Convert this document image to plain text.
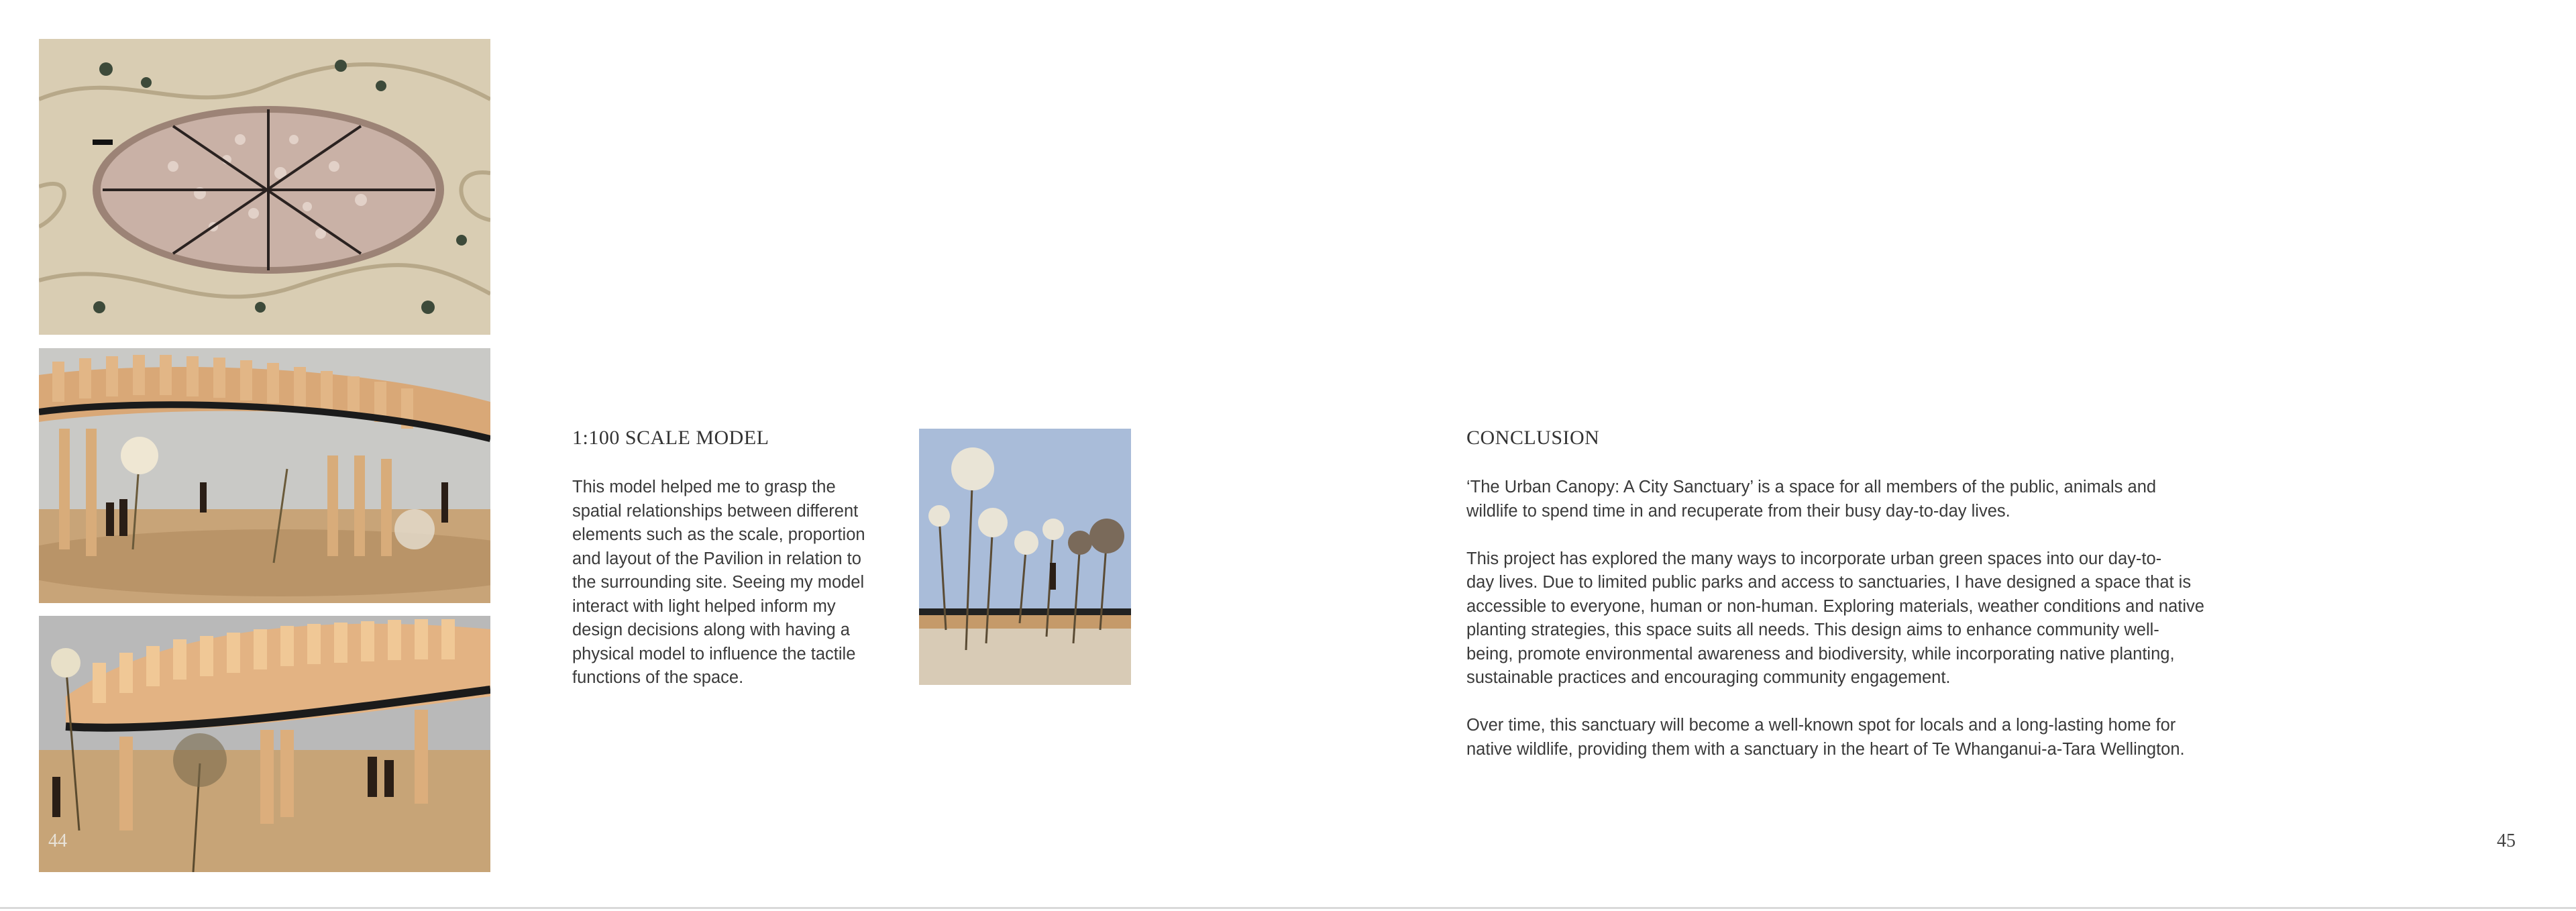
44
1:100 SCALE MODEL

This model helped me to grasp the

spatial relationships between different

elements such as the scale, proportion

and layout of the Pavilion in relation to

the surrounding site. Seeing my model

interact with light helped inform my

design decisions along with having a

physical model to influence the tactile

functions of the space.

CONCLUSION

‘The Urban Canopy: A City Sanctuary’ is a space for all members of the public, animals and

wildlife to spend time in and recuperate from their busy day-to-day lives.

This project has explored the many ways to incorporate urban green spaces into our day-to-

day lives. Due to limited public parks and access to sanctuaries, I have designed a space that is

accessible to everyone, human or non-human. Exploring materials, weather conditions and native

planting strategies, this space suits all needs. This design aims to enhance community well-

being, promote environmental awareness and biodiversity, while incorporating native planting,

sustainable practices and encouraging community engagement.

Over time, this sanctuary will become a well-known spot for locals and a long-lasting home for

native wildlife, providing them with a sanctuary in the heart of Te Whanganui-a-Tara Wellington.

45
